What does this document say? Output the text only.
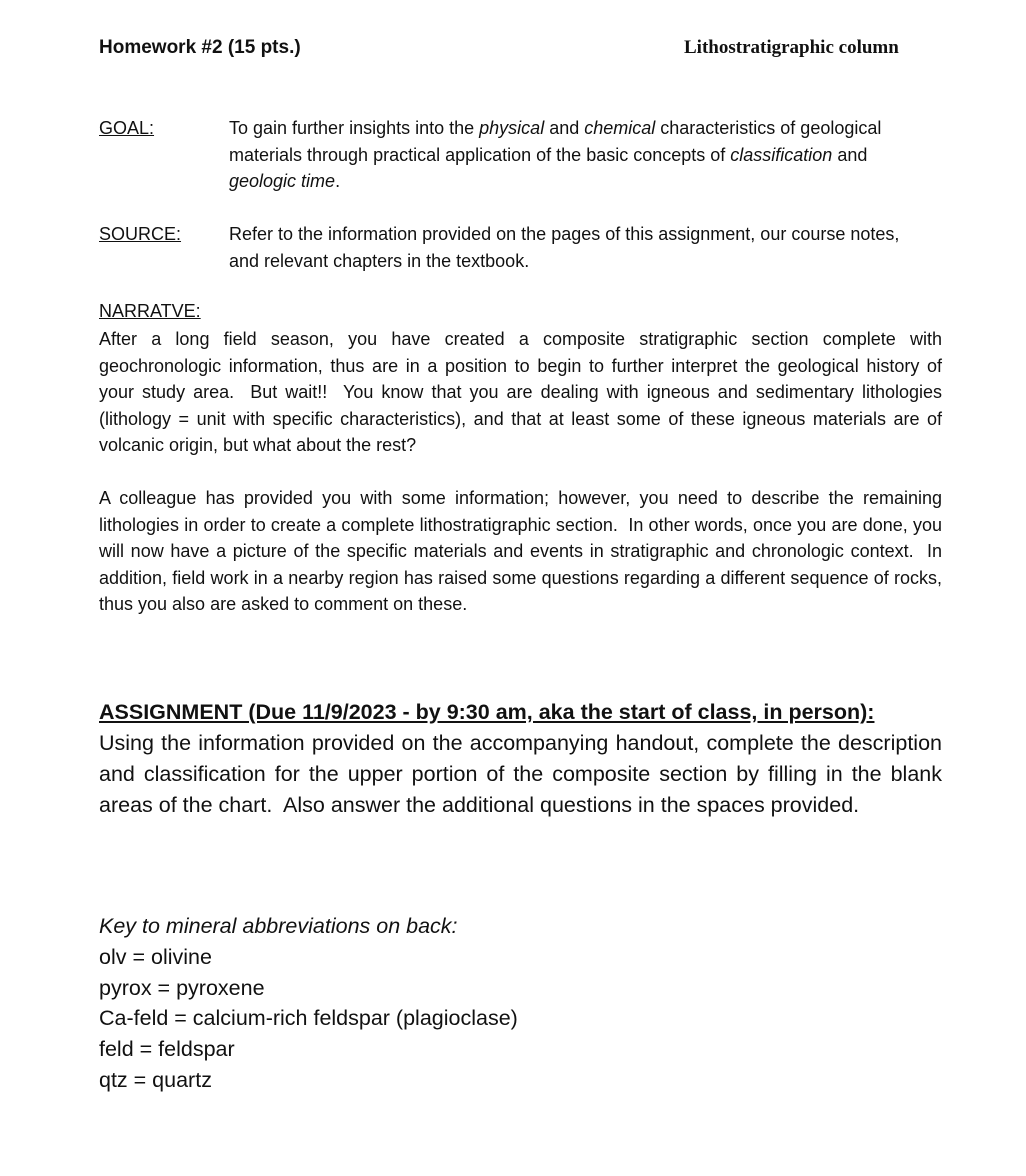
Homework #2 (15 pts.)	Lithostratigraphic column
GOAL:	To gain further insights into the physical and chemical characteristics of geological materials through practical application of the basic concepts of classification and geologic time.
SOURCE:	Refer to the information provided on the pages of this assignment, our course notes, and relevant chapters in the textbook.
NARRATVE:

After a long field season, you have created a composite stratigraphic section complete with geochronologic information, thus are in a position to begin to further interpret the geological history of your study area.  But wait!!  You know that you are dealing with igneous and sedimentary lithologies (lithology = unit with specific characteristics), and that at least some of these igneous materials are of volcanic origin, but what about the rest?

A colleague has provided you with some information; however, you need to describe the remaining lithologies in order to create a complete lithostratigraphic section.  In other words, once you are done, you will now have a picture of the specific materials and events in stratigraphic and chronologic context.  In addition, field work in a nearby region has raised some questions regarding a different sequence of rocks, thus you also are asked to comment on these.

ASSIGNMENT (Due 11/9/2023 - by 9:30 am, aka the start of class, in person):
Using the information provided on the accompanying handout, complete the description and classification for the upper portion of the composite section by filling in the blank areas of the chart.  Also answer the additional questions in the spaces provided.
Key to mineral abbreviations on back:
olv = olivine
pyrox = pyroxene
Ca-feld = calcium-rich feldspar (plagioclase)
feld = feldspar
qtz = quartz
